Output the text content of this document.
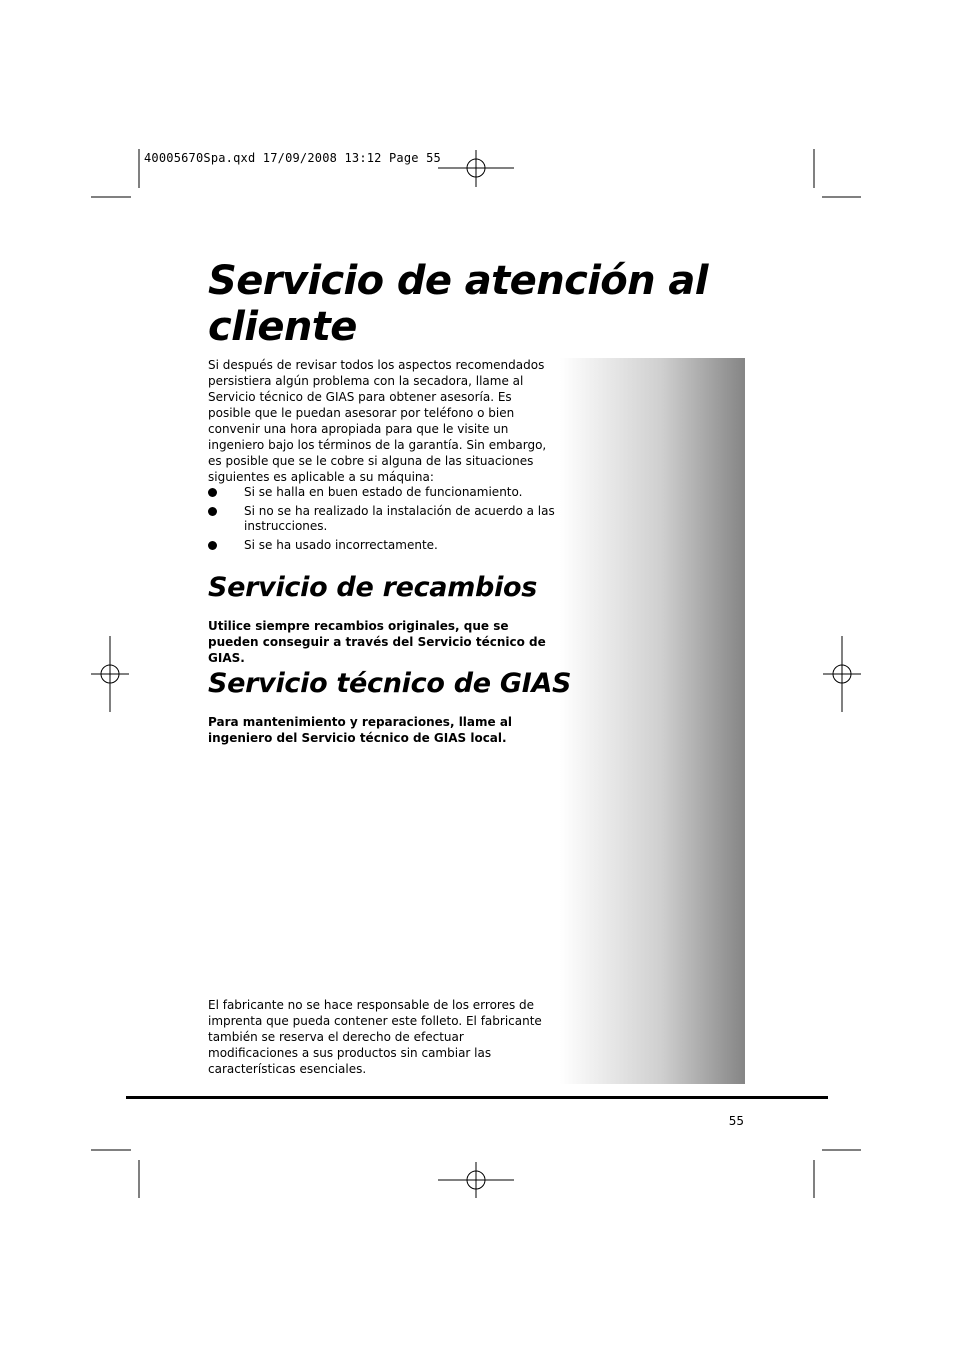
40005670Spa.qxd 17/09/2008 13:12 Page 55
Servicio de atención al cliente

Si después de revisar todos los aspectos recomendados persistiera algún problema con la secadora, llame al Servicio técnico de GIAS para obtener asesoría. Es posible que le puedan asesorar por teléfono o bien convenir una hora apropiada para que le visite un ingeniero bajo los términos de la garantía. Sin embargo, es posible que se le cobre si alguna de las situaciones siguientes es aplicable a su máquina:

Si se halla en buen estado de funcionamiento.
Si no se ha realizado la instalación de acuerdo a las instrucciones.
Si se ha usado incorrectamente.
Servicio de recambios

Utilice siempre recambios originales, que se pueden conseguir a través del Servicio técnico de GIAS.

Servicio técnico de GIAS

Para mantenimiento y reparaciones, llame al ingeniero del Servicio técnico de GIAS local.

El fabricante no se hace responsable de los errores de imprenta que pueda contener este folleto. El fabricante también se reserva el derecho de efectuar modificaciones a sus productos sin cambiar las características esenciales.

55
